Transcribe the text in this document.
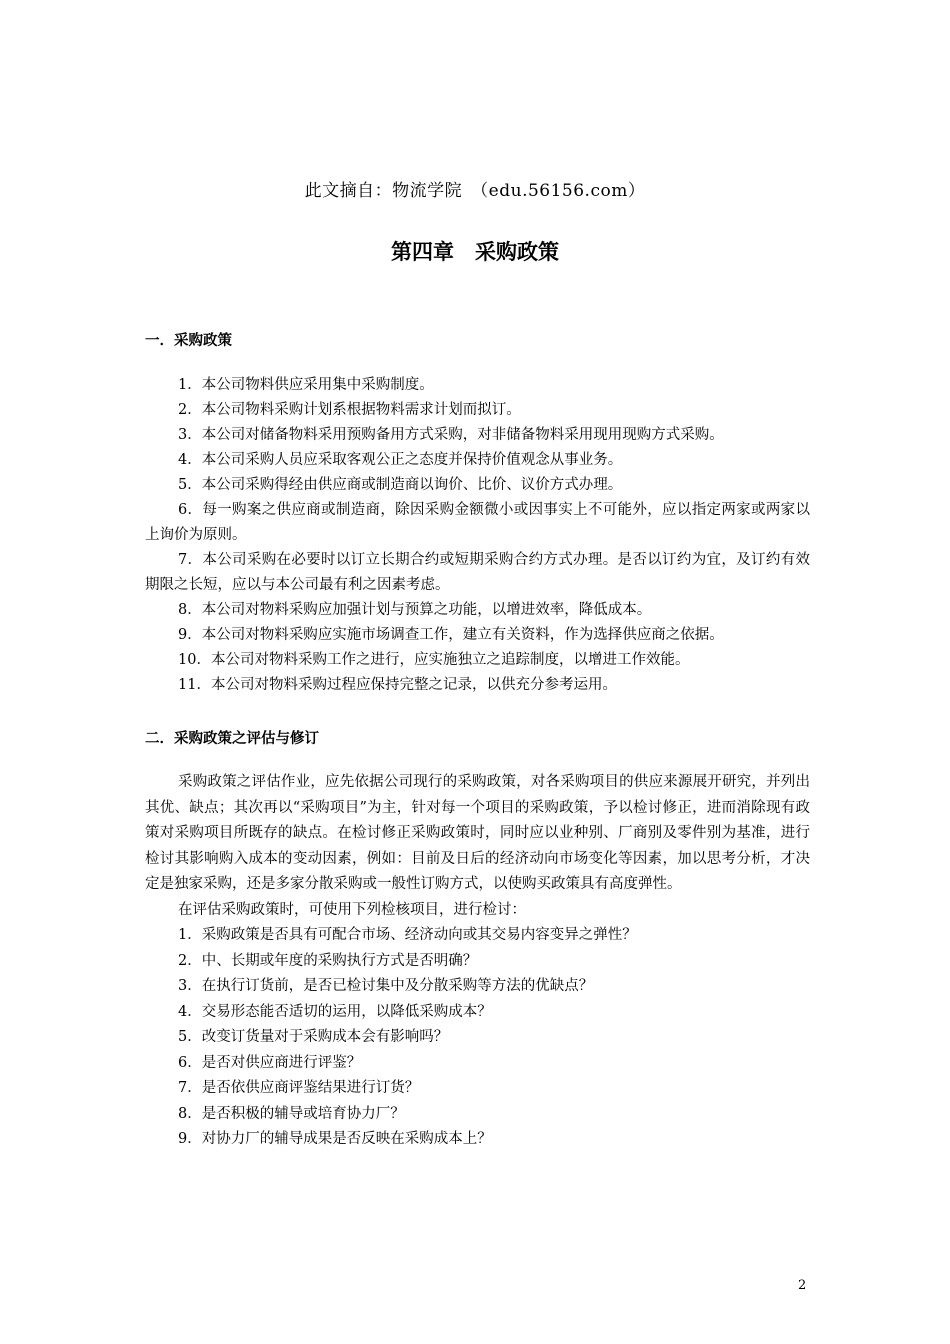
此文摘自：物流学院　（edu.56156.com）
第四章　采购政策
一．采购政策

1．本公司物料供应采用集中采购制度。

2．本公司物料采购计划系根据物料需求计划而拟订。

3．本公司对储备物料采用预购备用方式采购，对非储备物料采用现用现购方式采购。

4．本公司采购人员应采取客观公正之态度并保持价值观念从事业务。

5．本公司采购得经由供应商或制造商以询价、比价、议价方式办理。

6．每一购案之供应商或制造商，除因采购金额微小或因事实上不可能外，应以指定两家或两家以上询价为原则。

7．本公司采购在必要时以订立长期合约或短期采购合约方式办理。是否以订约为宜，及订约有效期限之长短，应以与本公司最有利之因素考虑。

8．本公司对物料采购应加强计划与预算之功能，以增进效率，降低成本。

9．本公司对物料采购应实施市场调查工作，建立有关资料，作为选择供应商之依据。

10．本公司对物料采购工作之进行，应实施独立之追踪制度，以增进工作效能。

11．本公司对物料采购过程应保持完整之记录，以供充分参考运用。

二．采购政策之评估与修订

采购政策之评估作业，应先依据公司现行的采购政策，对各采购项目的供应来源展开研究，并列出其优、缺点；其次再以“采购项目”为主，针对每一个项目的采购政策，予以检讨修正，进而消除现有政策对采购项目所既存的缺点。在检讨修正采购政策时，同时应以业种别、厂商别及零件别为基准，进行检讨其影响购入成本的变动因素，例如：目前及日后的经济动向市场变化等因素，加以思考分析，才决定是独家采购，还是多家分散采购或一般性订购方式，以使购买政策具有高度弹性。

在评估采购政策时，可使用下列检核项目，进行检讨：

1．采购政策是否具有可配合市场、经济动向或其交易内容变异之弹性？

2．中、长期或年度的采购执行方式是否明确？

3．在执行订货前，是否已检讨集中及分散采购等方法的优缺点？

4．交易形态能否适切的运用，以降低采购成本？

5．改变订货量对于采购成本会有影响吗？

6．是否对供应商进行评鉴？

7．是否依供应商评鉴结果进行订货？

8．是否积极的辅导或培育协力厂？

9．对协力厂的辅导成果是否反映在采购成本上？

2
